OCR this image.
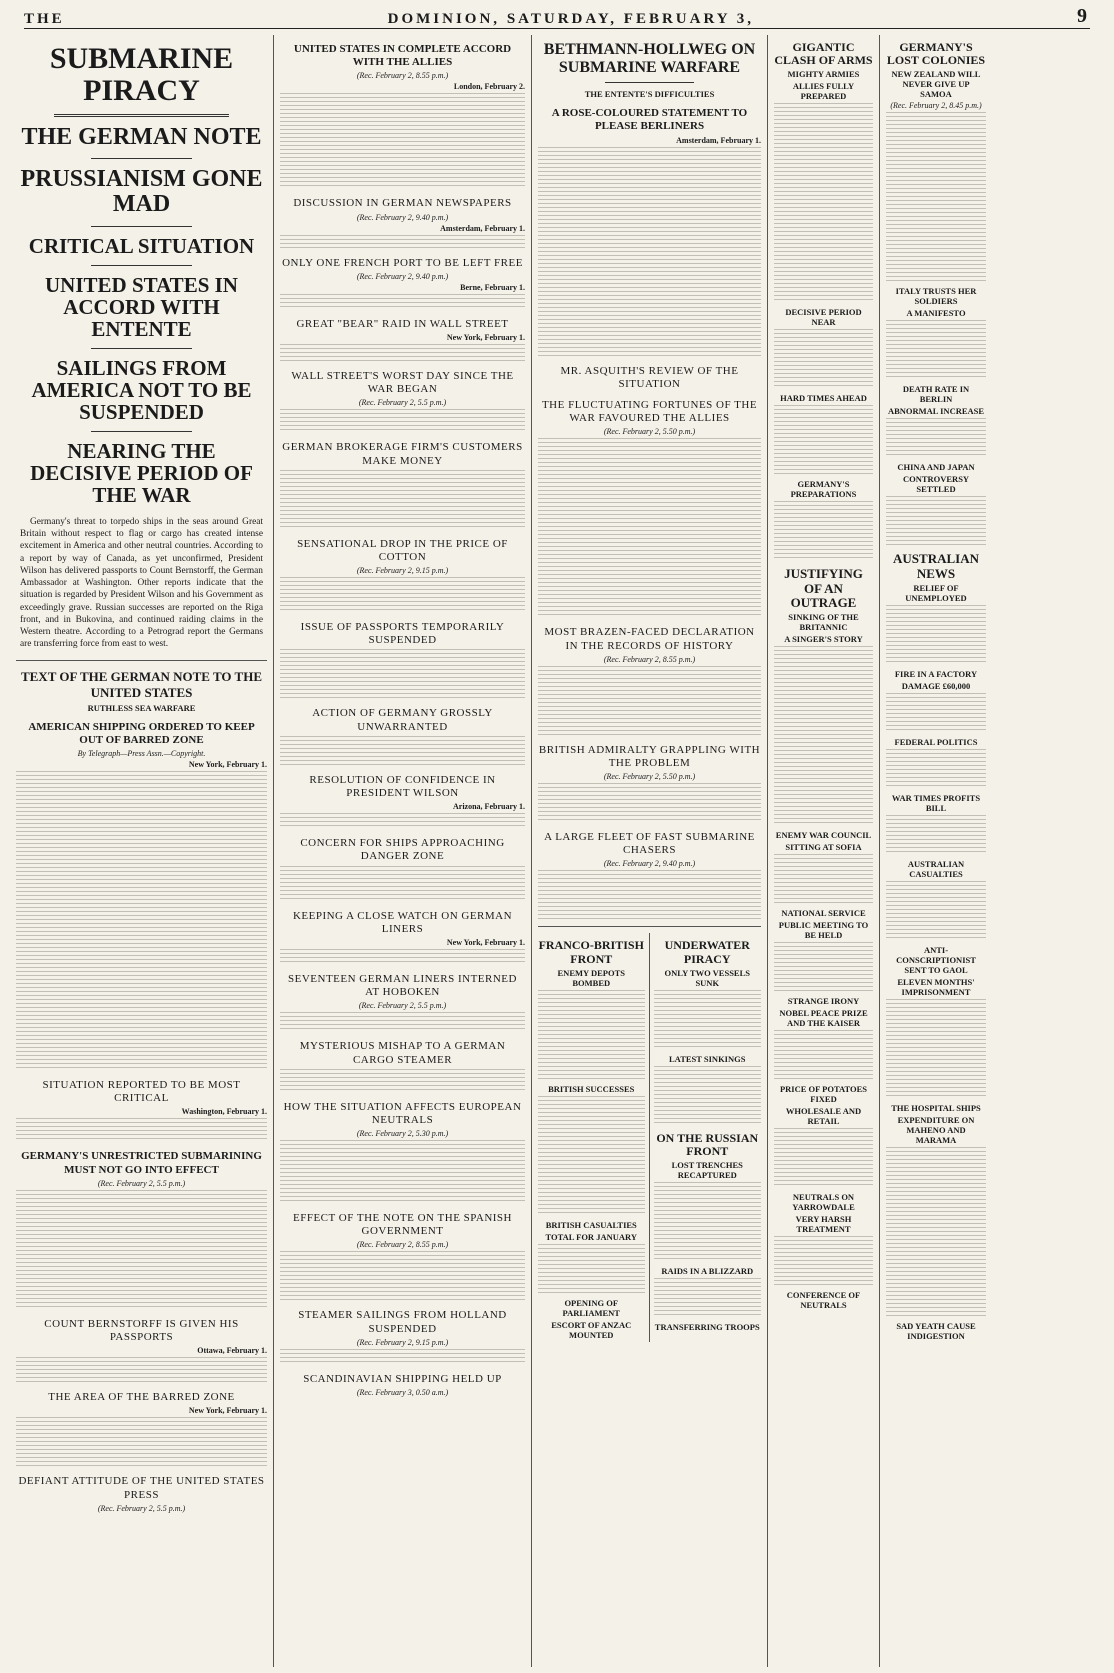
THE	DOMINION, SATURDAY, FEBRUARY 3,	9
SUBMARINE PIRACY
THE GERMAN NOTE
PRUSSIANISM GONE MAD
CRITICAL SITUATION
UNITED STATES IN ACCORD WITH ENTENTE
SAILINGS FROM AMERICA NOT TO BE SUSPENDED
NEARING THE DECISIVE PERIOD OF THE WAR
Germany's threat to torpedo ships in the seas around Great Britain without respect to flag or cargo has created intense excitement in America and other neutral countries. According to a report by way of Canada, as yet unconfirmed, President Wilson has delivered passports to Count Bernstorff, the German Ambassador at Washington. Other reports indicate that the situation is regarded by President Wilson and his Government as exceedingly grave. Russian successes are reported on the Riga front, and in Bukovina, and continued raiding claims in the Western theatre. According to a Petrograd report the Germans are transferring force from east to west.
TEXT OF THE GERMAN NOTE TO THE UNITED STATES
RUTHLESS SEA WARFARE
AMERICAN SHIPPING ORDERED TO KEEP OUT OF BARRED ZONE
By Telegraph—Press Assn.—Copyright.
New York, February 1.
SITUATION REPORTED TO BE MOST CRITICAL
Washington, February 1.
GERMANY'S UNRESTRICTED SUBMARINING MUST NOT GO INTO EFFECT
(Rec. February 2, 5.5 p.m.)
COUNT BERNSTORFF IS GIVEN HIS PASSPORTS
Ottawa, February 1.
THE AREA OF THE BARRED ZONE
New York, February 1.
DEFIANT ATTITUDE OF THE UNITED STATES PRESS
(Rec. February 2, 5.5 p.m.)
UNITED STATES IN COMPLETE ACCORD WITH THE ALLIES
(Rec. February 2, 8.55 p.m.)
London, February 2.
DISCUSSION IN GERMAN NEWSPAPERS
(Rec. February 2, 9.40 p.m.)
Amsterdam, February 1.
ONLY ONE FRENCH PORT TO BE LEFT FREE
(Rec. February 2, 9.40 p.m.)
Berne, February 1.
GREAT "BEAR" RAID IN WALL STREET
New York, February 1.
WALL STREET'S WORST DAY SINCE THE WAR BEGAN
(Rec. February 2, 5.5 p.m.)
GERMAN BROKERAGE FIRM'S CUSTOMERS MAKE MONEY
SENSATIONAL DROP IN THE PRICE OF COTTON
(Rec. February 2, 9.15 p.m.)
ISSUE OF PASSPORTS TEMPORARILY SUSPENDED
ACTION OF GERMANY GROSSLY UNWARRANTED
RESOLUTION OF CONFIDENCE IN PRESIDENT WILSON
Arizona, February 1.
CONCERN FOR SHIPS APPROACHING DANGER ZONE
KEEPING A CLOSE WATCH ON GERMAN LINERS
New York, February 1.
SEVENTEEN GERMAN LINERS INTERNED AT HOBOKEN
(Rec. February 2, 5.5 p.m.)
MYSTERIOUS MISHAP TO A GERMAN CARGO STEAMER
HOW THE SITUATION AFFECTS EUROPEAN NEUTRALS
(Rec. February 2, 5.30 p.m.)
EFFECT OF THE NOTE ON THE SPANISH GOVERNMENT
(Rec. February 2, 8.55 p.m.)
STEAMER SAILINGS FROM HOLLAND SUSPENDED
(Rec. February 2, 9.15 p.m.)
SCANDINAVIAN SHIPPING HELD UP
(Rec. February 3, 0.50 a.m.)
BETHMANN-HOLLWEG ON SUBMARINE WARFARE
THE ENTENTE'S DIFFICULTIES
A ROSE-COLOURED STATEMENT TO PLEASE BERLINERS
Amsterdam, February 1.
MR. ASQUITH'S REVIEW OF THE SITUATION
THE FLUCTUATING FORTUNES OF THE WAR FAVOURED THE ALLIES
(Rec. February 2, 5.50 p.m.)
MOST BRAZEN-FACED DECLARATION IN THE RECORDS OF HISTORY
(Rec. February 2, 8.55 p.m.)
BRITISH ADMIRALTY GRAPPLING WITH THE PROBLEM
(Rec. February 2, 5.50 p.m.)
A LARGE FLEET OF FAST SUBMARINE CHASERS
(Rec. February 2, 9.40 p.m.)
FRANCO-BRITISH FRONT
ENEMY DEPOTS BOMBED
BRITISH SUCCESSES
BRITISH CASUALTIES
TOTAL FOR JANUARY
OPENING OF PARLIAMENT
ESCORT OF ANZAC MOUNTED
UNDERWATER PIRACY
ONLY TWO VESSELS SUNK
LATEST SINKINGS
ON THE RUSSIAN FRONT
LOST TRENCHES RECAPTURED
RAIDS IN A BLIZZARD
TRANSFERRING TROOPS
GIGANTIC CLASH OF ARMS
MIGHTY ARMIES
ALLIES FULLY PREPARED
DECISIVE PERIOD NEAR
HARD TIMES AHEAD
GERMANY'S PREPARATIONS
JUSTIFYING OF AN OUTRAGE
SINKING OF THE BRITANNIC
A SINGER'S STORY
ENEMY WAR COUNCIL
SITTING AT SOFIA
NATIONAL SERVICE
PUBLIC MEETING TO BE HELD
STRANGE IRONY
NOBEL PEACE PRIZE AND THE KAISER
PRICE OF POTATOES FIXED
WHOLESALE AND RETAIL
NEUTRALS ON YARROWDALE
VERY HARSH TREATMENT
CONFERENCE OF NEUTRALS
GERMANY'S LOST COLONIES
NEW ZEALAND WILL NEVER GIVE UP SAMOA
(Rec. February 2, 8.45 p.m.)
ITALY TRUSTS HER SOLDIERS
A MANIFESTO
DEATH RATE IN BERLIN
ABNORMAL INCREASE
CHINA AND JAPAN
CONTROVERSY SETTLED
AUSTRALIAN NEWS
RELIEF OF UNEMPLOYED
FIRE IN A FACTORY
DAMAGE £60,000
FEDERAL POLITICS
WAR TIMES PROFITS BILL
AUSTRALIAN CASUALTIES
ANTI-CONSCRIPTIONIST SENT TO GAOL
ELEVEN MONTHS' IMPRISONMENT
THE HOSPITAL SHIPS
EXPENDITURE ON MAHENO AND MARAMA
SAD YEATH CAUSE INDIGESTION
